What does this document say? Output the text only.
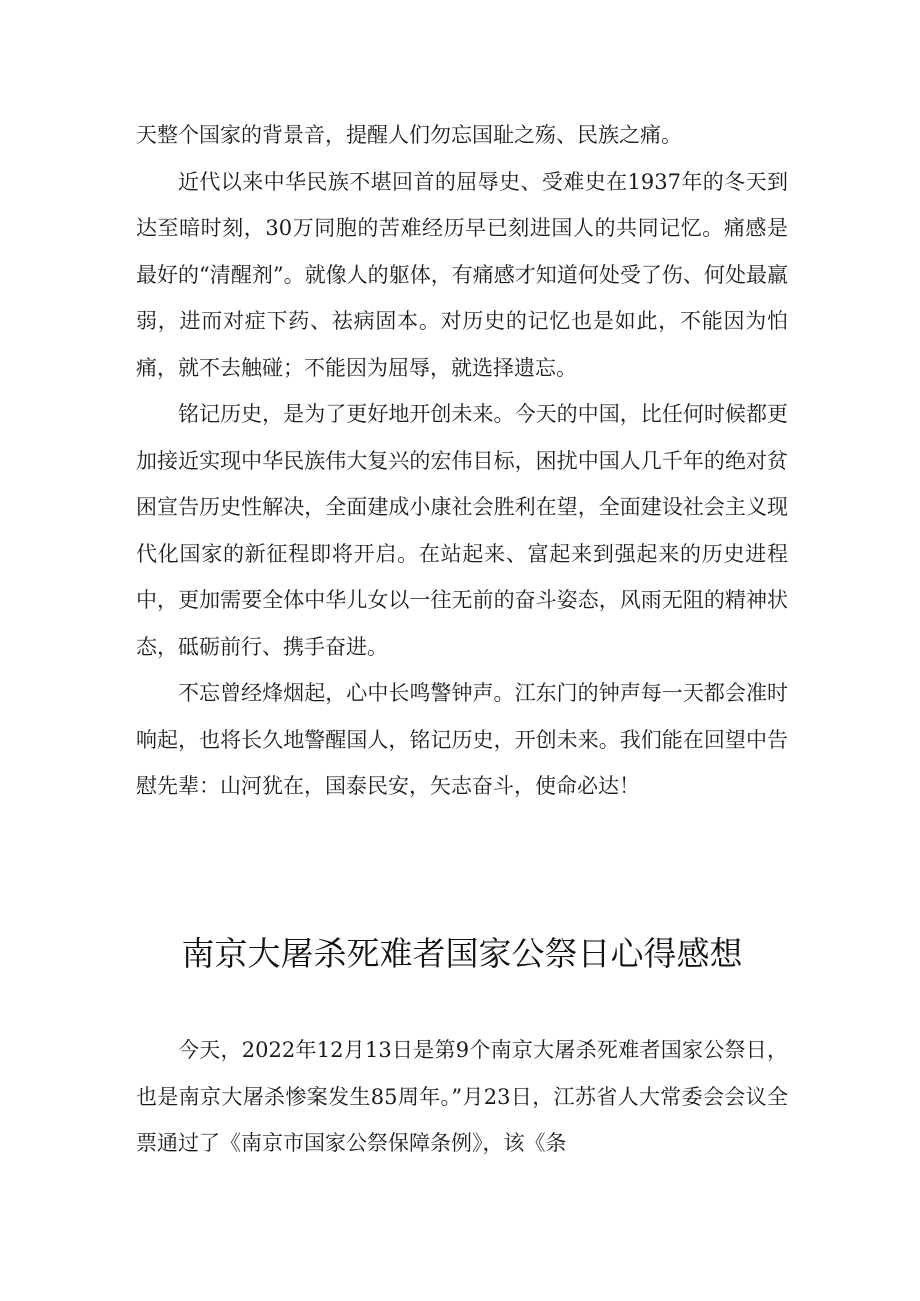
天整个国家的背景音，提醒人们勿忘国耻之殇、民族之痛。

近代以来中华民族不堪回首的屈辱史、受难史在1937年的冬天到达至暗时刻，30万同胞的苦难经历早已刻进国人的共同记忆。痛感是最好的“清醒剂”。就像人的躯体，有痛感才知道何处受了伤、何处最羸弱，进而对症下药、祛病固本。对历史的记忆也是如此，不能因为怕痛，就不去触碰；不能因为屈辱，就选择遗忘。

铭记历史，是为了更好地开创未来。今天的中国，比任何时候都更加接近实现中华民族伟大复兴的宏伟目标，困扰中国人几千年的绝对贫困宣告历史性解决，全面建成小康社会胜利在望，全面建设社会主义现代化国家的新征程即将开启。在站起来、富起来到强起来的历史进程中，更加需要全体中华儿女以一往无前的奋斗姿态，风雨无阻的精神状态，砥砺前行、携手奋进。

不忘曾经烽烟起，心中长鸣警钟声。江东门的钟声每一天都会准时响起，也将长久地警醒国人，铭记历史，开创未来。我们能在回望中告慰先辈：山河犹在，国泰民安，矢志奋斗，使命必达！

南京大屠杀死难者国家公祭日心得感想

今天，2022年12月13日是第9个南京大屠杀死难者国家公祭日，也是南京大屠杀惨案发生85周年。”月23日，江苏省人大常委会会议全票通过了《南京市国家公祭保障条例》，该《条
